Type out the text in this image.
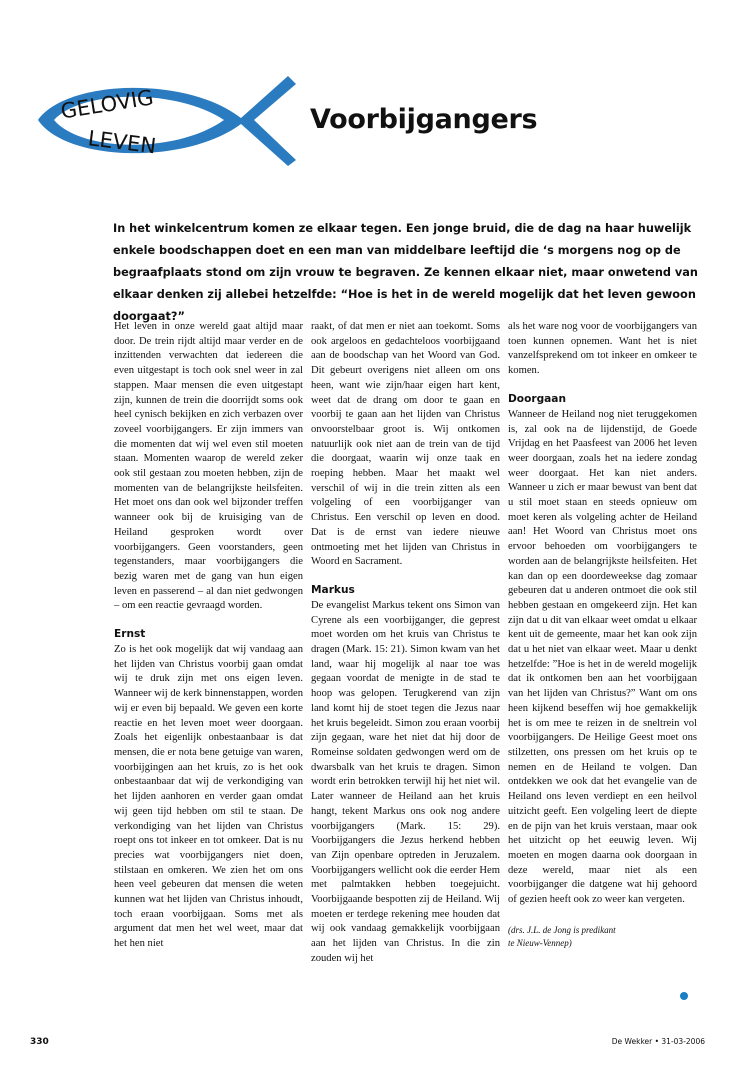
GELOVIG
LEVEN
Voorbijgangers
In het winkelcentrum komen ze elkaar tegen. Een jonge bruid, die de dag na haar huwelijk enkele boodschappen doet en een man van middelbare leeftijd die ‘s morgens nog op de begraafplaats stond om zijn vrouw te begraven. Ze kennen elkaar niet, maar onwetend van elkaar denken zij allebei hetzelfde: “Hoe is het in de wereld mogelijk dat het leven gewoon doorgaat?”

Het leven in onze wereld gaat altijd maar door. De trein rijdt altijd maar verder en de inzittenden verwachten dat iedereen die even uitgestapt is toch ook snel weer in zal stappen. Maar mensen die even uitgestapt zijn, kunnen de trein die doorrijdt soms ook heel cynisch bekijken en zich verbazen over zoveel voorbijgangers. Er zijn immers van die momenten dat wij wel even stil moeten staan. Momenten waarop de wereld zeker ook stil gestaan zou moeten hebben, zijn de momenten van de belangrijkste heilsfeiten. Het moet ons dan ook wel bijzonder treffen wanneer ook bij de kruisiging van de Heiland gesproken wordt over voorbijgangers. Geen voorstanders, geen tegenstanders, maar voorbijgangers die bezig waren met de gang van hun eigen leven en passerend – al dan niet gedwongen – om een reactie gevraagd worden.

Ernst

Zo is het ook mogelijk dat wij vandaag aan het lijden van Christus voorbij gaan omdat wij te druk zijn met ons eigen leven. Wanneer wij de kerk binnenstappen, worden wij er even bij bepaald. We geven een korte reactie en het leven moet weer doorgaan. Zoals het eigenlijk onbestaanbaar is dat mensen, die er nota bene getuige van waren, voorbijgingen aan het kruis, zo is het ook onbestaanbaar dat wij de verkondiging van het lijden aanhoren en verder gaan omdat wij geen tijd hebben om stil te staan. De verkondiging van het lijden van Christus roept ons tot inkeer en tot omkeer. Dat is nu precies wat voorbijgangers niet doen, stilstaan en omkeren. We zien het om ons heen veel gebeuren dat mensen die weten kunnen wat het lijden van Christus inhoudt, toch eraan voorbijgaan. Soms met als argument dat men het wel weet, maar dat het hen niet

raakt, of dat men er niet aan toekomt. Soms ook argeloos en gedachteloos voorbijgaand aan de boodschap van het Woord van God. Dit gebeurt overigens niet alleen om ons heen, want wie zijn/haar eigen hart kent, weet dat de drang om door te gaan en voorbij te gaan aan het lijden van Christus onvoorstelbaar groot is. Wij ontkomen natuurlijk ook niet aan de trein van de tijd die doorgaat, waarin wij onze taak en roeping hebben. Maar het maakt wel verschil of wij in die trein zitten als een volgeling of een voorbijganger van Christus. Een verschil op leven en dood. Dat is de ernst van iedere nieuwe ontmoeting met het lijden van Christus in Woord en Sacrament.

Markus

De evangelist Markus tekent ons Simon van Cyrene als een voorbijganger, die geprest moet worden om het kruis van Christus te dragen (Mark. 15: 21). Simon kwam van het land, waar hij mogelijk al naar toe was gegaan voordat de menigte in de stad te hoop was gelopen. Terugkerend van zijn land komt hij de stoet tegen die Jezus naar het kruis begeleidt. Simon zou eraan voorbij zijn gegaan, ware het niet dat hij door de Romeinse soldaten gedwongen werd om de dwarsbalk van het kruis te dragen. Simon wordt erin betrokken terwijl hij het niet wil. Later wanneer de Heiland aan het kruis hangt, tekent Markus ons ook nog andere voorbijgangers (Mark. 15: 29). Voorbijgangers die Jezus herkend hebben van Zijn openbare optreden in Jeruzalem. Voorbijgangers wellicht ook die eerder Hem met palmtakken hebben toegejuicht. Voorbijgaande bespotten zij de Heiland. Wij moeten er terdege rekening mee houden dat wij ook vandaag gemakkelijk voorbijgaan aan het lijden van Christus. In die zin zouden wij het

als het ware nog voor de voorbijgangers van toen kunnen opnemen. Want het is niet vanzelfsprekend om tot inkeer en omkeer te komen.

Doorgaan

Wanneer de Heiland nog niet teruggekomen is, zal ook na de lijdenstijd, de Goede Vrijdag en het Paasfeest van 2006 het leven weer doorgaan, zoals het na iedere zondag weer doorgaat. Het kan niet anders. Wanneer u zich er maar bewust van bent dat u stil moet staan en steeds opnieuw om moet keren als volgeling achter de Heiland aan! Het Woord van Christus moet ons ervoor behoeden om voorbijgangers te worden aan de belangrijkste heilsfeiten. Het kan dan op een doordeweekse dag zomaar gebeuren dat u anderen ontmoet die ook stil hebben gestaan en omgekeerd zijn. Het kan zijn dat u dit van elkaar weet omdat u elkaar kent uit de gemeente, maar het kan ook zijn dat u het niet van elkaar weet. Maar u denkt hetzelfde: ”Hoe is het in de wereld mogelijk dat ik ontkomen ben aan het voorbijgaan van het lijden van Christus?” Want om ons heen kijkend beseffen wij hoe gemakkelijk het is om mee te reizen in de sneltrein vol voorbijgangers. De Heilige Geest moet ons stilzetten, ons pressen om het kruis op te nemen en de Heiland te volgen. Dan ontdekken we ook dat het evangelie van de Heiland ons leven verdiept en een heilvol uitzicht geeft. Een volgeling leert de diepte en de pijn van het kruis verstaan, maar ook het uitzicht op het eeuwig leven. Wij moeten en mogen daarna ook doorgaan in deze wereld, maar niet als een voorbijganger die datgene wat hij gehoord of gezien heeft ook zo weer kan vergeten.

(drs. J.L. de Jong is predikant
te Nieuw-Vennep)
330	De Wekker • 31-03-2006
